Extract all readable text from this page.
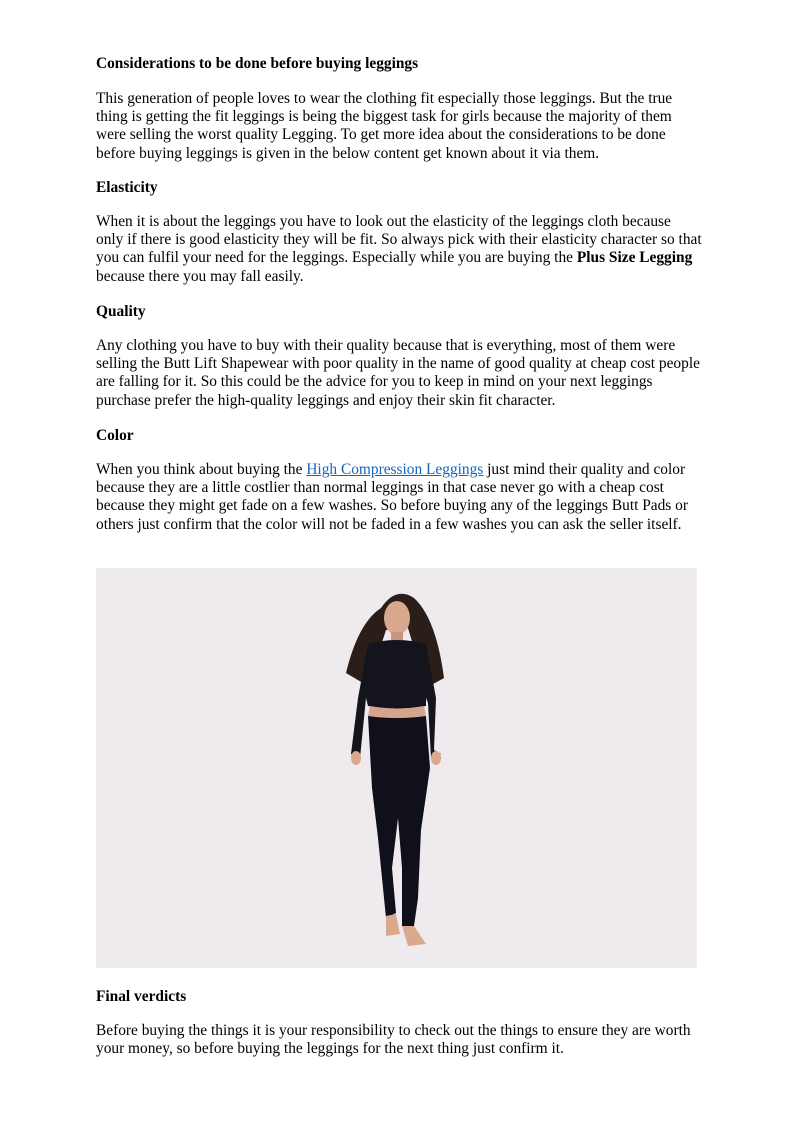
Considerations to be done before buying leggings

This generation of people loves to wear the clothing fit especially those leggings. But the true thing is getting the fit leggings is being the biggest task for girls because the majority of them were selling the worst quality Legging. To get more idea about the considerations to be done before buying leggings is given in the below content get known about it via them.

Elasticity

When it is about the leggings you have to look out the elasticity of the leggings cloth because only if there is good elasticity they will be fit. So always pick with their elasticity character so that you can fulfil your need for the leggings. Especially while you are buying the Plus Size Legging because there you may fall easily.

Quality

Any clothing you have to buy with their quality because that is everything, most of them were selling the Butt Lift Shapewear with poor quality in the name of good quality at cheap cost people are falling for it. So this could be the advice for you to keep in mind on your next leggings purchase prefer the high-quality leggings and enjoy their skin fit character.

Color

When you think about buying the High Compression Leggings just mind their quality and color because they are a little costlier than normal leggings in that case never go with a cheap cost because they might get fade on a few washes. So before buying any of the leggings Butt Pads or others just confirm that the color will not be faded in a few washes you can ask the seller itself.

Final verdicts

Before buying the things it is your responsibility to check out the things to ensure they are worth your money, so before buying the leggings for the next thing just confirm it.
